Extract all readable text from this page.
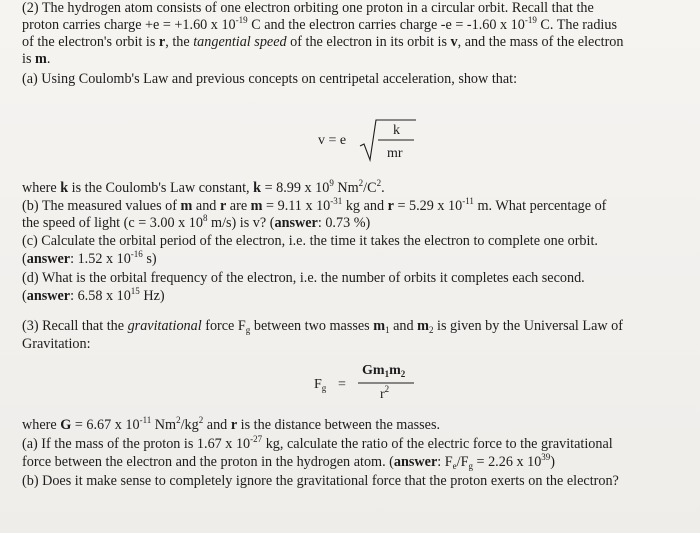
(2) The hydrogen atom consists of one electron orbiting one proton in a circular orbit. Recall that the
proton carries charge +e = +1.60 x $10^{-19}$ C and the electron carries charge -e = -1.60 x $10^{-19}$ C. The radius
of the electron's orbit is r, the tangential speed of the electron in its orbit is v, and the mass of the electron
is m.
(a) Using Coulomb's Law and previous concepts on centripetal acceleration, show that:
v = e
k
mr
where k is the Coulomb's Law constant, k = 8.99 x $10^9$ $Nm^2/C^2$.
(b) The measured values of m and r are m = 9.11 x $10^{-31}$ kg and r = 5.29 x $10^{-11}$ m. What percentage of
the speed of light (c = 3.00 x $10^8$ m/s) is v? (answer: 0.73 %)
(c) Calculate the orbital period of the electron, i.e. the time it takes the electron to complete one orbit.
(answer: 1.52 x $10^{-16}$ s)
(d) What is the orbital frequency of the electron, i.e. the number of orbits it completes each second.
(answer: 6.58 x $10^{15}$ Hz)
(3) Recall that the gravitational force $F_g$ between two masses $m_1$ and $m_2$ is given by the Universal Law of
Gravitation:
$F_g$ =
$Gm_1m_2$
$r^2$
where G = 6.67 x $10^{-11}$ $Nm^2/kg^2$ and r is the distance between the masses.
(a) If the mass of the proton is 1.67 x $10^{-27}$ kg, calculate the ratio of the electric force to the gravitational
force between the electron and the proton in the hydrogen atom. (answer: $F_e/F_g = 2.26$ x $10^{39}$)
(b) Does it make sense to completely ignore the gravitational force that the proton exerts on the electron?
